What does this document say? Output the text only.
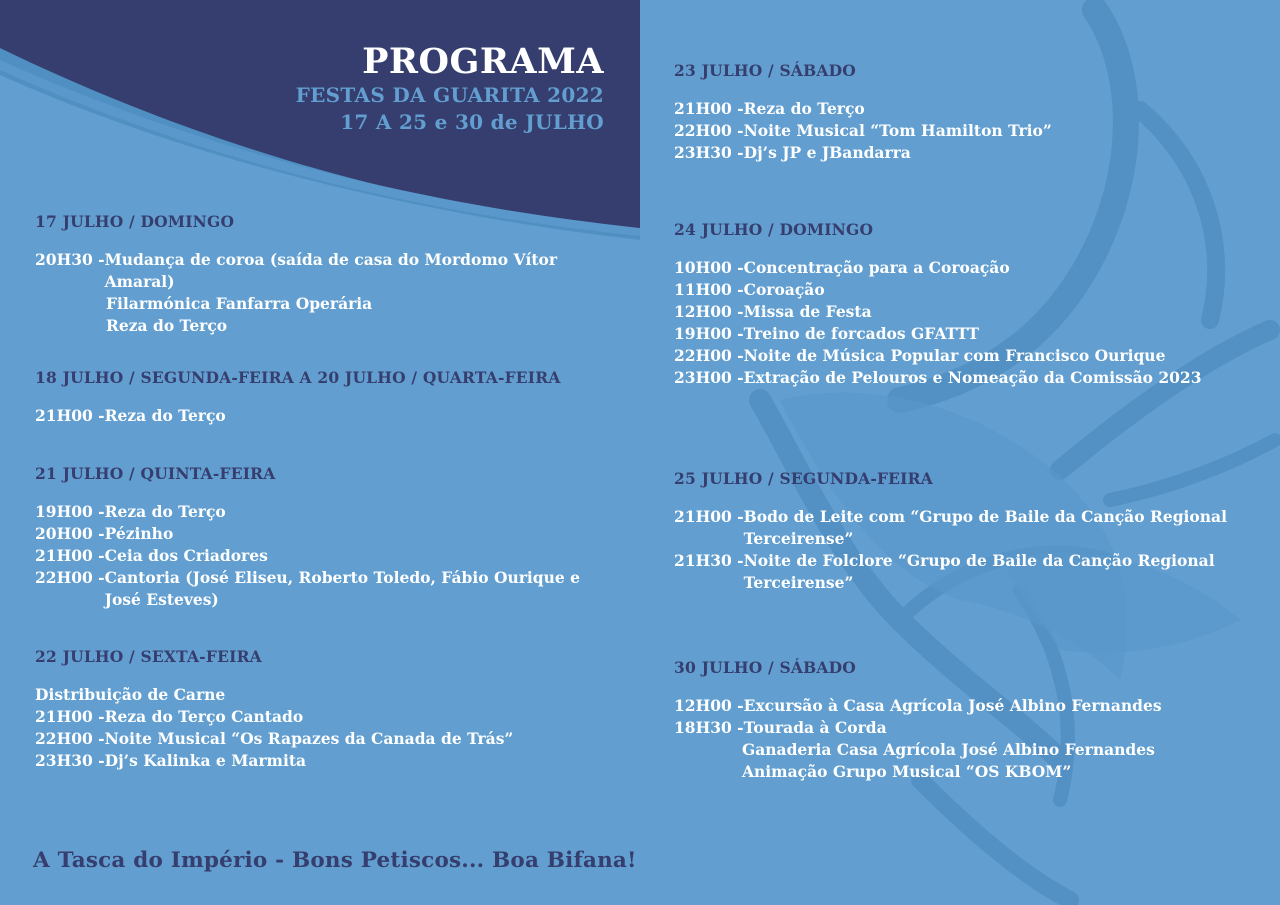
PROGRAMA
FESTAS DA GUARITA 2022
17 A 25 e 30 de JULHO
17 JULHO / DOMINGO
20H30 - Mudança de coroa (saída de casa do Mordomo Vítor Amaral)
Filarmónica Fanfarra Operária
Reza do Terço
18 JULHO / SEGUNDA-FEIRA A 20 JULHO / QUARTA-FEIRA
21H00 - Reza do Terço
21 JULHO / QUINTA-FEIRA
19H00 - Reza do Terço
20H00 - Pézinho
21H00 - Ceia dos Criadores
22H00 - Cantoria (José Eliseu, Roberto Toledo, Fábio Ourique e José Esteves)
22 JULHO / SEXTA-FEIRA
Distribuição de Carne
21H00 - Reza do Terço Cantado
22H00 - Noite Musical “Os Rapazes da Canada de Trás”
23H30 - Dj’s Kalinka e Marmita
23 JULHO / SÁBADO
21H00 - Reza do Terço
22H00 - Noite Musical “Tom Hamilton Trio”
23H30 - Dj’s JP e JBandarra
24 JULHO / DOMINGO
10H00 - Concentração para a Coroação
11H00 - Coroação
12H00 - Missa de Festa
19H00 - Treino de forcados GFATTT
22H00 - Noite de Música Popular com Francisco Ourique
23H00 - Extração de Pelouros e Nomeação da Comissão 2023
25 JULHO / SEGUNDA-FEIRA
21H00 - Bodo de Leite com “Grupo de Baile da Canção Regional Terceirense”
21H30 - Noite de Folclore “Grupo de Baile da Canção Regional Terceirense”
30 JULHO / SÁBADO
12H00 - Excursão à Casa Agrícola José Albino Fernandes
18H30 - Tourada à Corda
Ganaderia Casa Agrícola José Albino Fernandes
Animação Grupo Musical “OS KBOM”
A Tasca do Império - Bons Petiscos... Boa Bifana!
